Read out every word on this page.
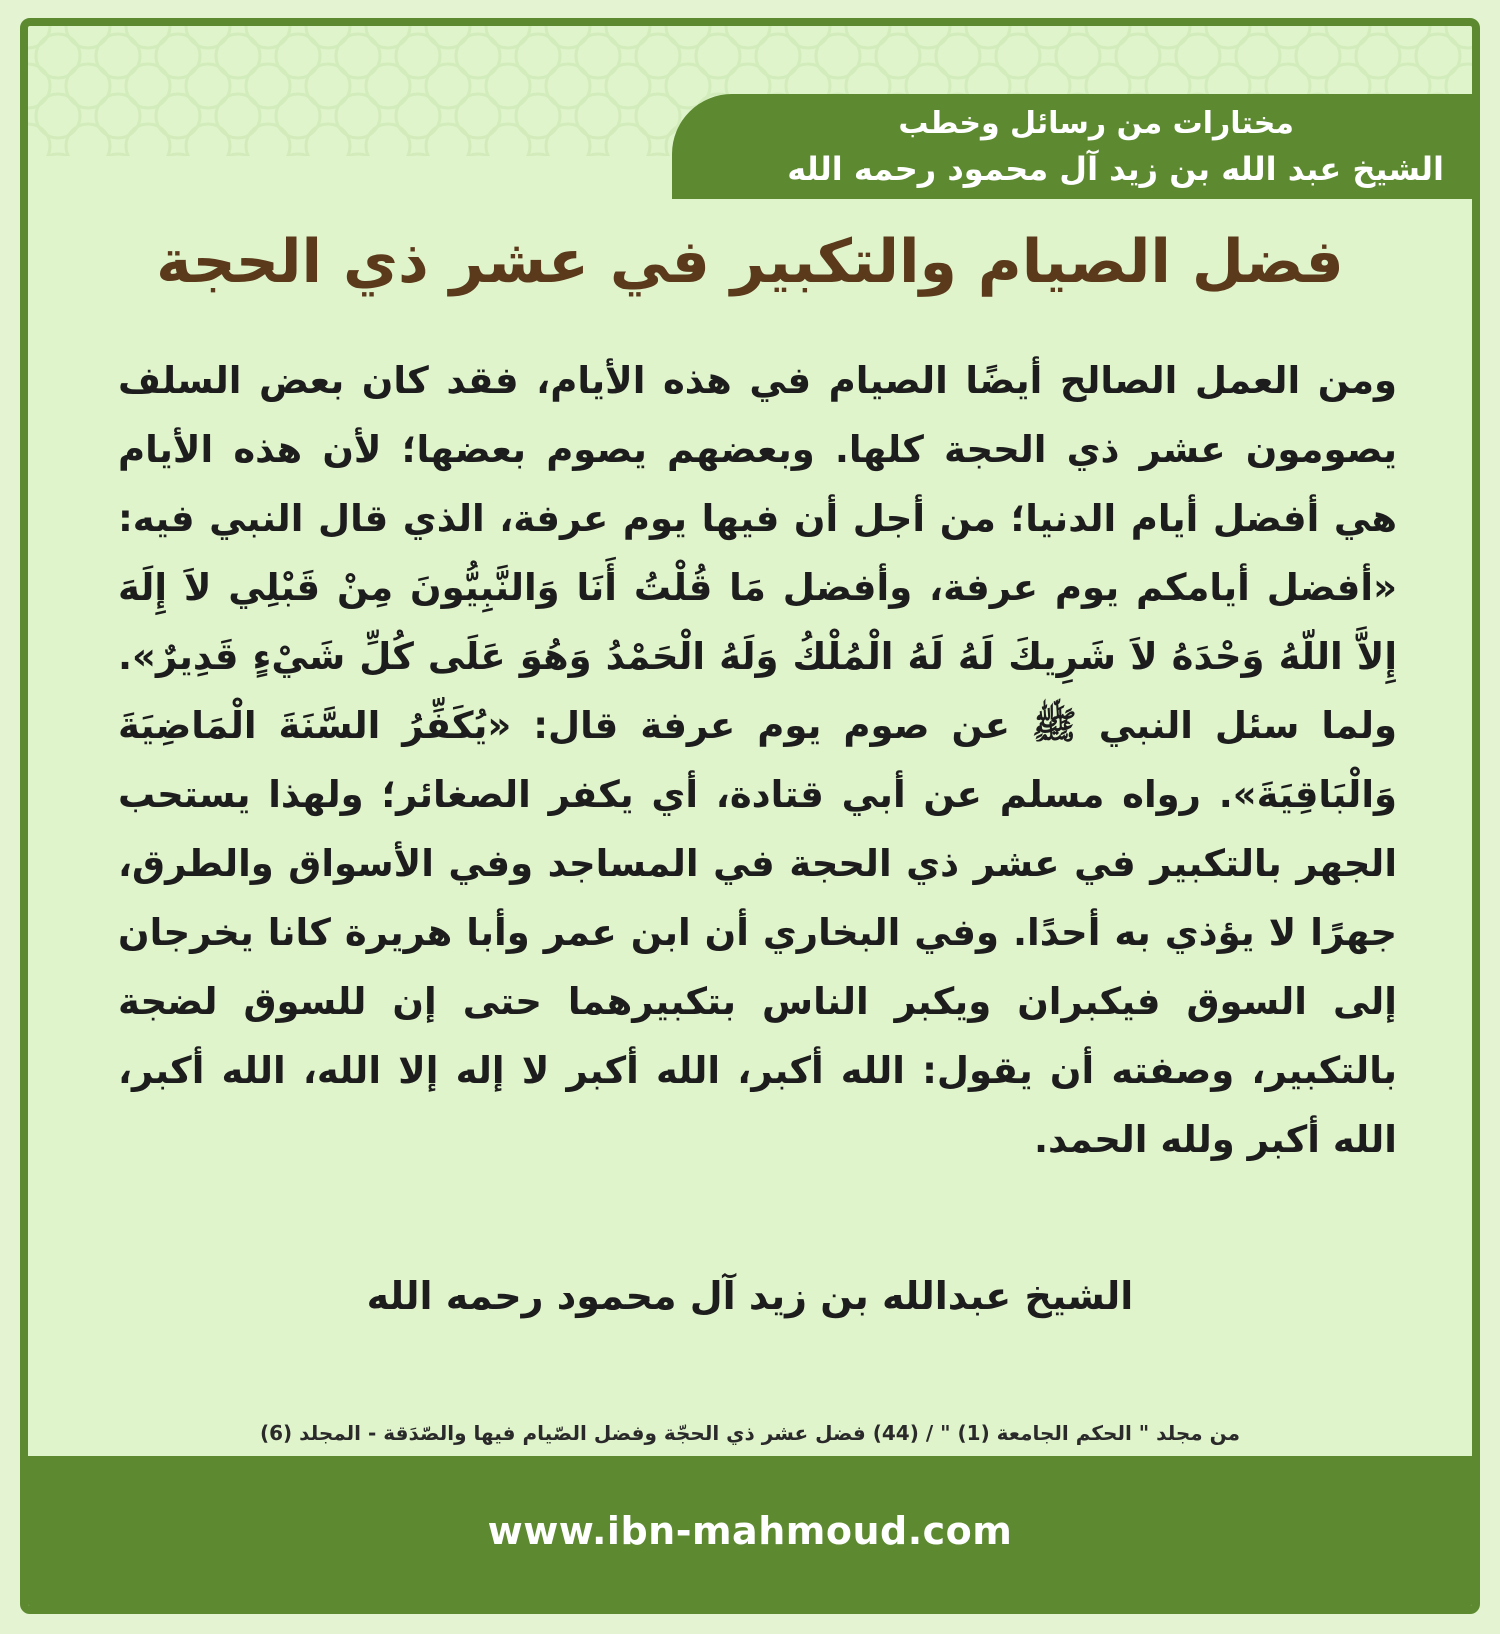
مختارات من رسائل وخطب
الشيخ عبد الله بن زيد آل محمود رحمه الله
فضل الصيام والتكبير في عشر ذي الحجة

ومن العمل الصالح أيضًا الصيام في هذه الأيام، فقد كان بعض السلف يصومون عشر ذي الحجة كلها. وبعضهم يصوم بعضها؛ لأن هذه الأيام هي أفضل أيام الدنيا؛ من أجل أن فيها يوم عرفة، الذي قال النبي فيه: «أفضل أيامكم يوم عرفة، وأفضل مَا قُلْتُ أَنَا وَالنَّبِيُّونَ مِنْ قَبْلِي لاَ إِلَهَ إِلاَّ اللّهُ وَحْدَهُ لاَ شَرِيكَ لَهُ لَهُ الْمُلْكُ وَلَهُ الْحَمْدُ وَهُوَ عَلَى كُلِّ شَيْءٍ قَدِيرٌ». ولما سئل النبي ﷺ عن صوم يوم عرفة قال: «يُكَفِّرُ السَّنَةَ الْمَاضِيَةَ وَالْبَاقِيَةَ». رواه مسلم عن أبي قتادة، أي يكفر الصغائر؛ ولهذا يستحب الجهر بالتكبير في عشر ذي الحجة في المساجد وفي الأسواق والطرق، جهرًا لا يؤذي به أحدًا. وفي البخاري أن ابن عمر وأبا هريرة كانا يخرجان إلى السوق فيكبران ويكبر الناس بتكبيرهما حتى إن للسوق لضجة بالتكبير، وصفته أن يقول: الله أكبر، الله أكبر لا إله إلا الله، الله أكبر، الله أكبر ولله الحمد.

الشيخ عبدالله بن زيد آل محمود رحمه الله
من مجلد " الحكم الجامعة (1) " / (44) فضل عشر ذي الحجّة وفضل الصّيام فيها والصّدَقة - المجلد (6)
www.ibn-mahmoud.com
